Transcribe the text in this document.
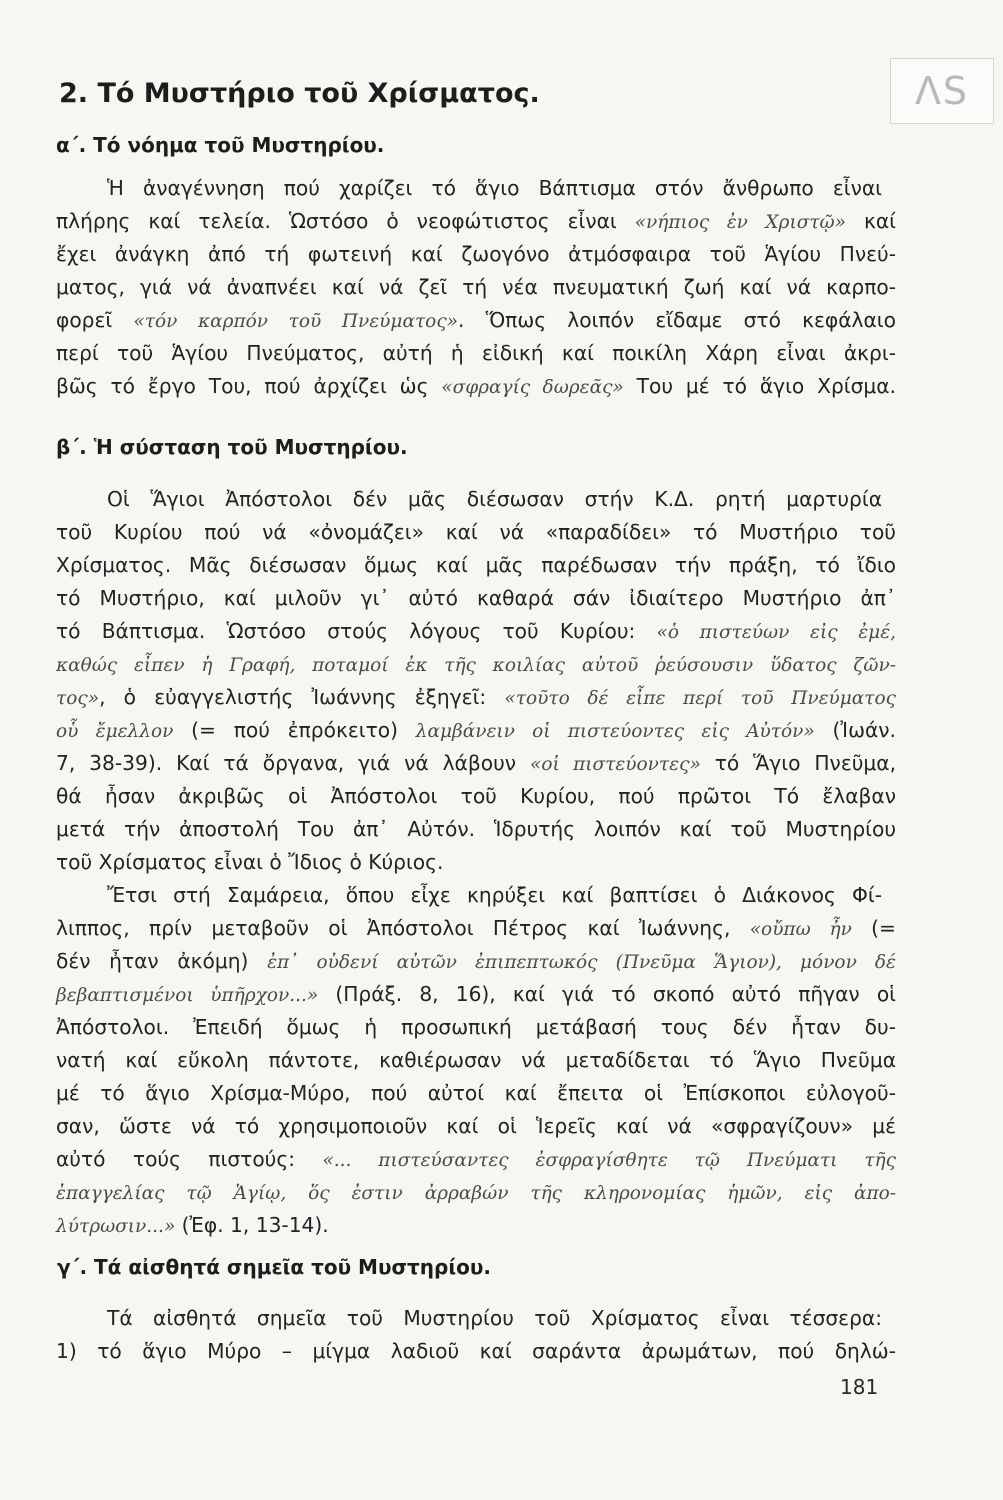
ΛS
2. Τό Μυστήριο τοῦ Χρίσματος.
α΄. Τό νόημα τοῦ Μυστηρίου.
Ἡ ἀναγέννηση πού χαρίζει τό ἅγιο Βάπτισμα στόν ἄνθρωπο εἶναι
πλήρης καί τελεία. Ὡστόσο ὁ νεοφώτιστος εἶναι «νήπιος ἐν Χριστῷ» καί
ἔχει ἀνάγκη ἀπό τή φωτεινή καί ζωογόνο ἀτμόσφαιρα τοῦ Ἁγίου Πνεύ-
ματος, γιά νά ἀναπνέει καί νά ζεῖ τή νέα πνευματική ζωή καί νά καρπο-
φορεῖ «τόν καρπόν τοῦ Πνεύματος». Ὅπως λοιπόν εἴδαμε στό κεφάλαιο
περί τοῦ Ἁγίου Πνεύματος, αὐτή ἡ εἰδική καί ποικίλη Χάρη εἶναι ἀκρι-
βῶς τό ἔργο Του, πού ἀρχίζει ὡς «σφραγίς δωρεᾶς» Του μέ τό ἅγιο Χρίσμα.
β΄. Ἡ σύσταση τοῦ Μυστηρίου.
Οἱ Ἅγιοι Ἀπόστολοι δέν μᾶς διέσωσαν στήν Κ.Δ. ρητή μαρτυρία
τοῦ Κυρίου πού νά «ὀνομάζει» καί νά «παραδίδει» τό Μυστήριο τοῦ
Χρίσματος. Μᾶς διέσωσαν ὅμως καί μᾶς παρέδωσαν τήν πράξη, τό ἴδιο
τό Μυστήριο, καί μιλοῦν γι᾿ αὐτό καθαρά σάν ἰδιαίτερο Μυστήριο ἀπ᾿
τό Βάπτισμα. Ὡστόσο στούς λόγους τοῦ Κυρίου: «ὁ πιστεύων εἰς ἐμέ,
καθώς εἶπεν ἡ Γραφή, ποταμοί ἐκ τῆς κοιλίας αὐτοῦ ῥεύσουσιν ὕδατος ζῶν-
τος», ὁ εὐαγγελιστής Ἰωάννης ἐξηγεῖ: «τοῦτο δέ εἶπε περί τοῦ Πνεύματος
οὗ ἔμελλον (= πού ἐπρόκειτο) λαμβάνειν οἱ πιστεύοντες εἰς Αὐτόν» (Ἰωάν.
7, 38-39). Καί τά ὄργανα, γιά νά λάβουν «οἱ πιστεύοντες» τό Ἅγιο Πνεῦμα,
θά ἦσαν ἀκριβῶς οἱ Ἀπόστολοι τοῦ Κυρίου, πού πρῶτοι Τό ἔλαβαν
μετά τήν ἀποστολή Του ἀπ᾿ Αὐτόν. Ἱδρυτής λοιπόν καί τοῦ Μυστηρίου
τοῦ Χρίσματος εἶναι ὁ Ἴδιος ὁ Κύριος.
Ἔτσι στή Σαμάρεια, ὅπου εἶχε κηρύξει καί βαπτίσει ὁ Διάκονος Φί-
λιππος, πρίν μεταβοῦν οἱ Ἀπόστολοι Πέτρος καί Ἰωάννης, «οὔπω ἦν (=
δέν ἦταν ἀκόμη) ἐπ᾿ οὐδενί αὐτῶν ἐπιπεπτωκός (Πνεῦμα Ἅγιον), μόνον δέ
βεβαπτισμένοι ὑπῆρχον...» (Πράξ. 8, 16), καί γιά τό σκοπό αὐτό πῆγαν οἱ
Ἀπόστολοι. Ἐπειδή ὅμως ἡ προσωπική μετάβασή τους δέν ἦταν δυ-
νατή καί εὔκολη πάντοτε, καθιέρωσαν νά μεταδίδεται τό Ἅγιο Πνεῦμα
μέ τό ἅγιο Χρίσμα-Μύρο, πού αὐτοί καί ἔπειτα οἱ Ἐπίσκοποι εὐλογοῦ-
σαν, ὥστε νά τό χρησιμοποιοῦν καί οἱ Ἱερεῖς καί νά «σφραγίζουν» μέ
αὐτό τούς πιστούς: «... πιστεύσαντες ἐσφραγίσθητε τῷ Πνεύματι τῆς
ἐπαγγελίας τῷ Ἁγίῳ, ὅς ἐστιν ἀρραβών τῆς κληρονομίας ἡμῶν, εἰς ἀπο-
λύτρωσιν...» (Ἐφ. 1, 13-14).
γ΄. Τά αἰσθητά σημεῖα τοῦ Μυστηρίου.
Τά αἰσθητά σημεῖα τοῦ Μυστηρίου τοῦ Χρίσματος εἶναι τέσσερα:
1) τό ἅγιο Μύρο – μίγμα λαδιοῦ καί σαράντα ἀρωμάτων, πού δηλώ-
181
